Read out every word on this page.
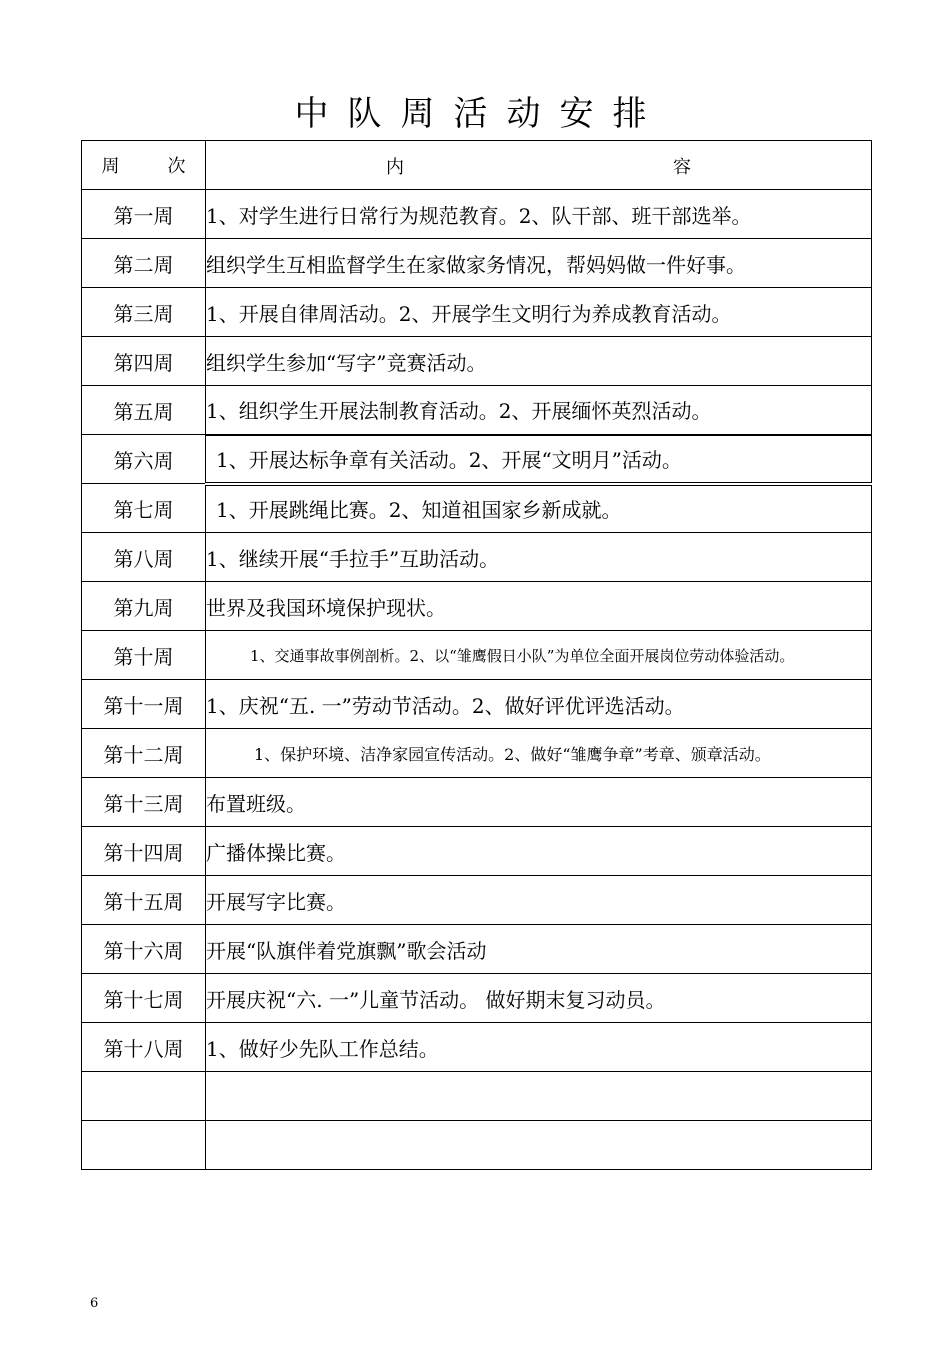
中队周活动安排
周 次	内 容

第一周	1、对学生进行日常行为规范教育。2、队干部、班干部选举。
第二周	组织学生互相监督学生在家做家务情况，帮妈妈做一件好事。
第三周	1、开展自律周活动。2、开展学生文明行为养成教育活动。
第四周	组织学生参加“写字”竞赛活动。
第五周	1、组织学生开展法制教育活动。2、开展缅怀英烈活动。
第六周	1、开展达标争章有关活动。2、开展“文明月”活动。
第七周	1、开展跳绳比赛。2、知道祖国家乡新成就。
第八周	1、继续开展“手拉手”互助活动。
第九周	世界及我国环境保护现状。
第十周	1、交通事故事例剖析。2、以“雏鹰假日小队”为单位全面开展岗位劳动体验活动。
第十一周	1、庆祝“五. 一”劳动节活动。2、做好评优评选活动。
第十二周	1、保护环境、洁净家园宣传活动。2、做好“雏鹰争章”考章、颁章活动。
第十三周	布置班级。
第十四周	广播体操比赛。
第十五周	开展写字比赛。
第十六周	开展“队旗伴着党旗飘”歌会活动
第十七周	开展庆祝“六. 一”儿童节活动。 做好期末复习动员。
第十八周	1、做好少先队工作总结。

6
